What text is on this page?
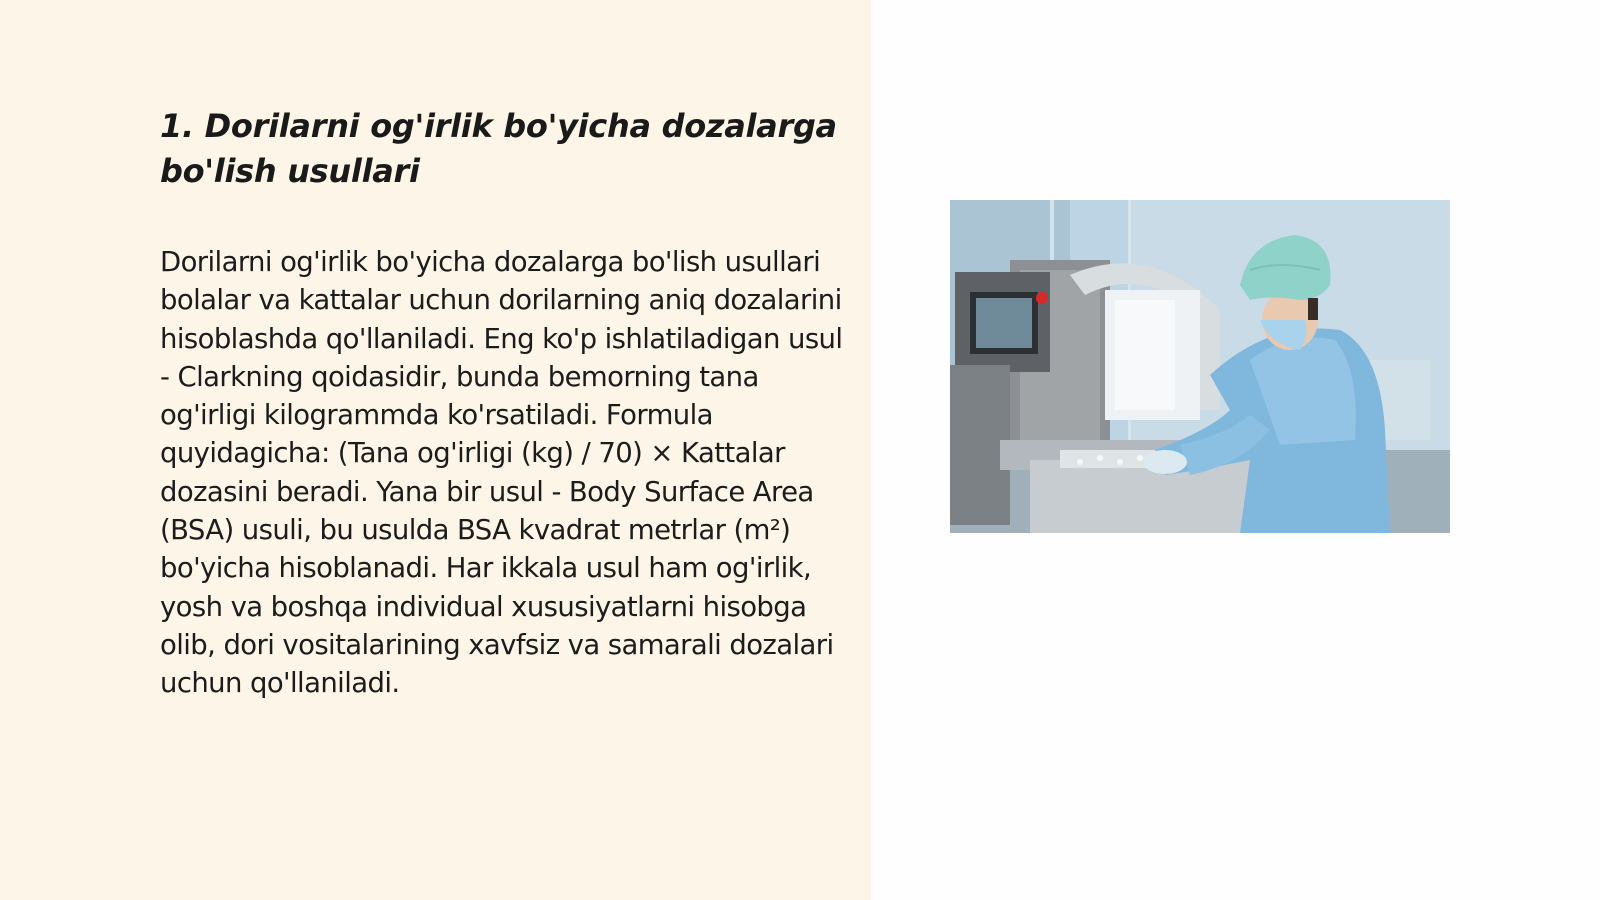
1. Dorilarni og'irlik bo'yicha dozalarga bo'lish usullari

Dorilarni og'irlik bo'yicha dozalarga bo'lish usullari bolalar va kattalar uchun dorilarning aniq dozalarini hisoblashda qo'llaniladi. Eng ko'p ishlatiladigan usul - Clarkning qoidasidir, bunda bemorning tana og'irligi kilogrammda ko'rsatiladi. Formula quyidagicha: (Tana og'irligi (kg) / 70) × Kattalar dozasini beradi. Yana bir usul - Body Surface Area (BSA) usuli, bu usulda BSA kvadrat metrlar (m²) bo'yicha hisoblanadi. Har ikkala usul ham og'irlik, yosh va boshqa individual xususiyatlarni hisobga olib, dori vositalarining xavfsiz va samarali dozalari uchun qo'llaniladi.
